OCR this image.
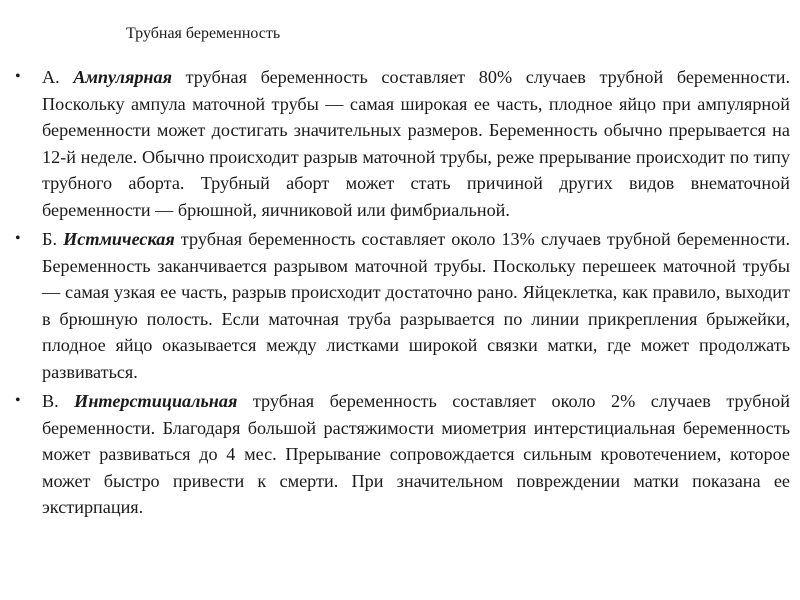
Трубная беременность
• А. Ампулярная трубная беременность составляет 80% случаев трубной беременности. Поскольку ампула маточной трубы — самая широкая ее часть, плодное яйцо при ампулярной беременности может достигать значительных размеров. Беременность обычно прерывается на 12-й неделе. Обычно происходит разрыв маточной трубы, реже прерывание происходит по типу трубного аборта. Трубный аборт может стать причиной других видов внематочной беременности — брюшной, яичниковой или фимбриальной.
• Б. Истмическая трубная беременность составляет около 13% случаев трубной беременности. Беременность заканчивается разрывом маточной трубы. Поскольку перешеек маточной трубы — самая узкая ее часть, разрыв происходит достаточно рано. Яйцеклетка, как правило, выходит в брюшную полость. Если маточная труба разрывается по линии прикрепления брыжейки, плодное яйцо оказывается между листками широкой связки матки, где может продолжать развиваться.
• В. Интерстициальная трубная беременность составляет около 2% случаев трубной беременности. Благодаря большой растяжимости миометрия интерстициальная беременность может развиваться до 4 мес. Прерывание сопровождается сильным кровотечением, которое может быстро привести к смерти. При значительном повреждении матки показана ее экстирпация.
